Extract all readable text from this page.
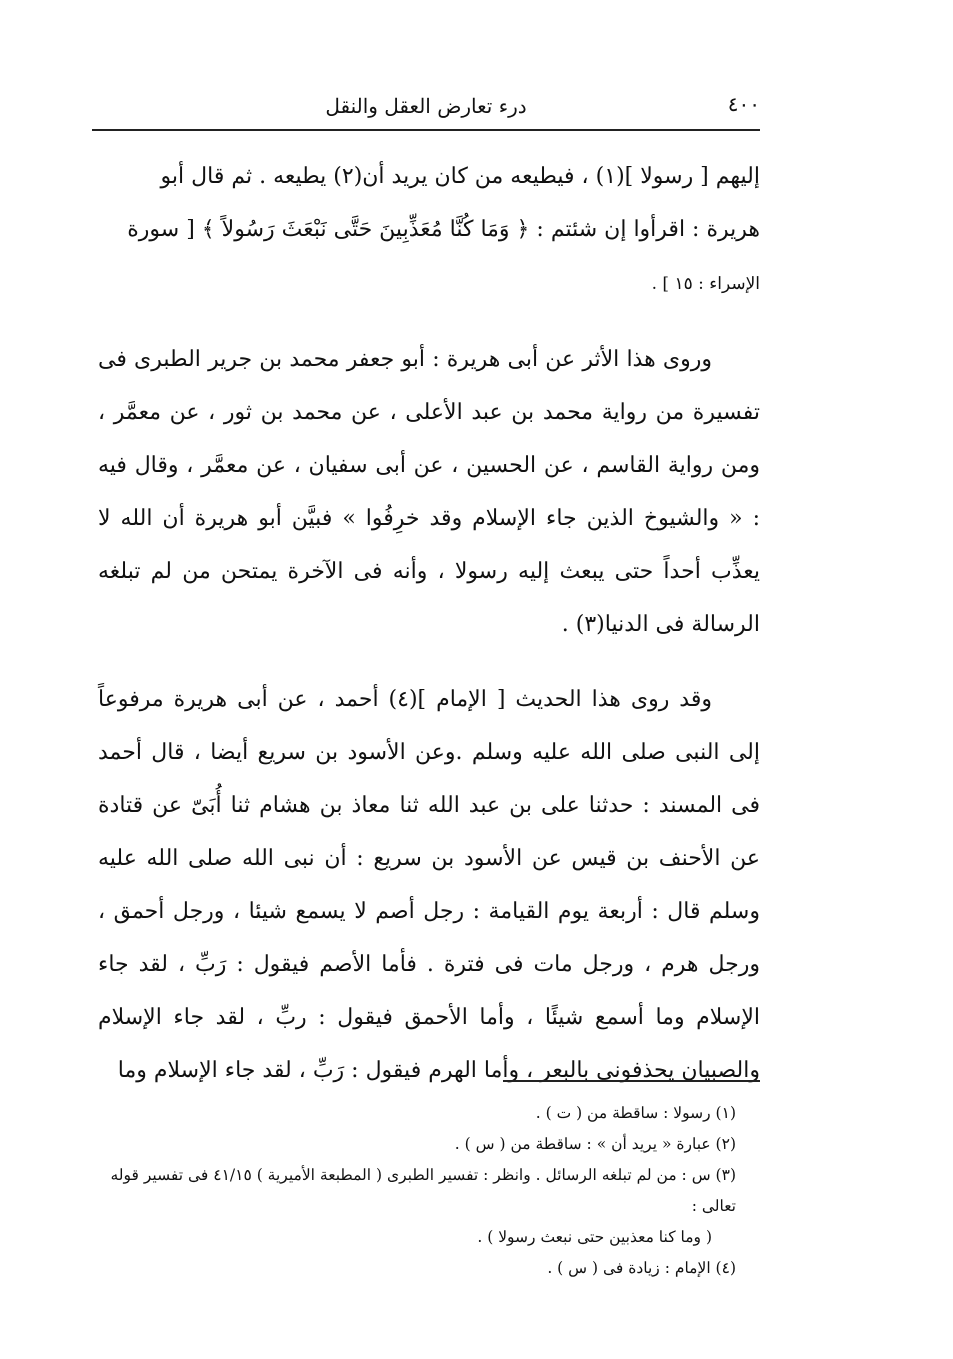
٤٠٠
درء تعارض العقل والنقل

إليهم [ رسولا ](١) ، فيطيعه من كان يريد أن(٢) يطيعه . ثم قال أبو
هريرة : اقرأوا إن شئتم : ﴿ وَمَا كُنَّا مُعَذِّبِينَ حَتَّى نَبْعَثَ رَسُولاً ﴾ [ سورة
الإسراء : ١٥ ] .

وروى هذا الأثر عن أبى هريرة : أبو جعفر محمد بن جرير الطبرى فى تفسيرة من رواية محمد بن عبد الأعلى ، عن محمد بن ثور ، عن معمَّر ، ومن رواية القاسم ، عن الحسين ، عن أبى سفيان ، عن معمَّر ، وقال فيه : « والشيوخ الذين جاء الإسلام وقد خرِفُوا » فبيَّن أبو هريرة أن الله لا يعذِّب أحداً حتى يبعث إليه رسولا ، وأنه فى الآخرة يمتحن من لم تبلغه الرسالة فى الدنيا(٣) .

وقد روى هذا الحديث [ الإمام ](٤) أحمد ، عن أبى هريرة مرفوعاً إلى النبى صلى الله عليه وسلم .وعن الأسود بن سريع أيضا ، قال أحمد فى المسند : حدثنا على بن عبد الله ثنا معاذ بن هشام ثنا أُبَىّ عن قتادة عن الأحنف بن قيس عن الأسود بن سريع : أن نبى الله صلى الله عليه وسلم قال : أربعة يوم القيامة : رجل أصم لا يسمع شيئا ، ورجل أحمق ، ورجل هرم ، ورجل مات فى فترة . فأما الأصم فيقول : رَبِّ ، لقد جاء الإسلام وما أسمع شيئًا ، وأما الأحمق فيقول : ربِّ ، لقد جاء الإسلام والصبيان يحذفونى بالبعر ، وأما الهرم فيقول : رَبِّ ، لقد جاء الإسلام وما

(١) رسولا : ساقطة من ( ت ) .

(٢) عبارة « يريد أن » : ساقطة من ( س ) .

(٣) س : من لم تبلغه الرسائل . وانظر : تفسير الطبرى ( المطبعة الأميرية ) ٤١/١٥ فى تفسير قوله تعالى :

( وما كنا معذبين حتى نبعث رسولا ) .

(٤) الإمام : زيادة فى ( س ) .
